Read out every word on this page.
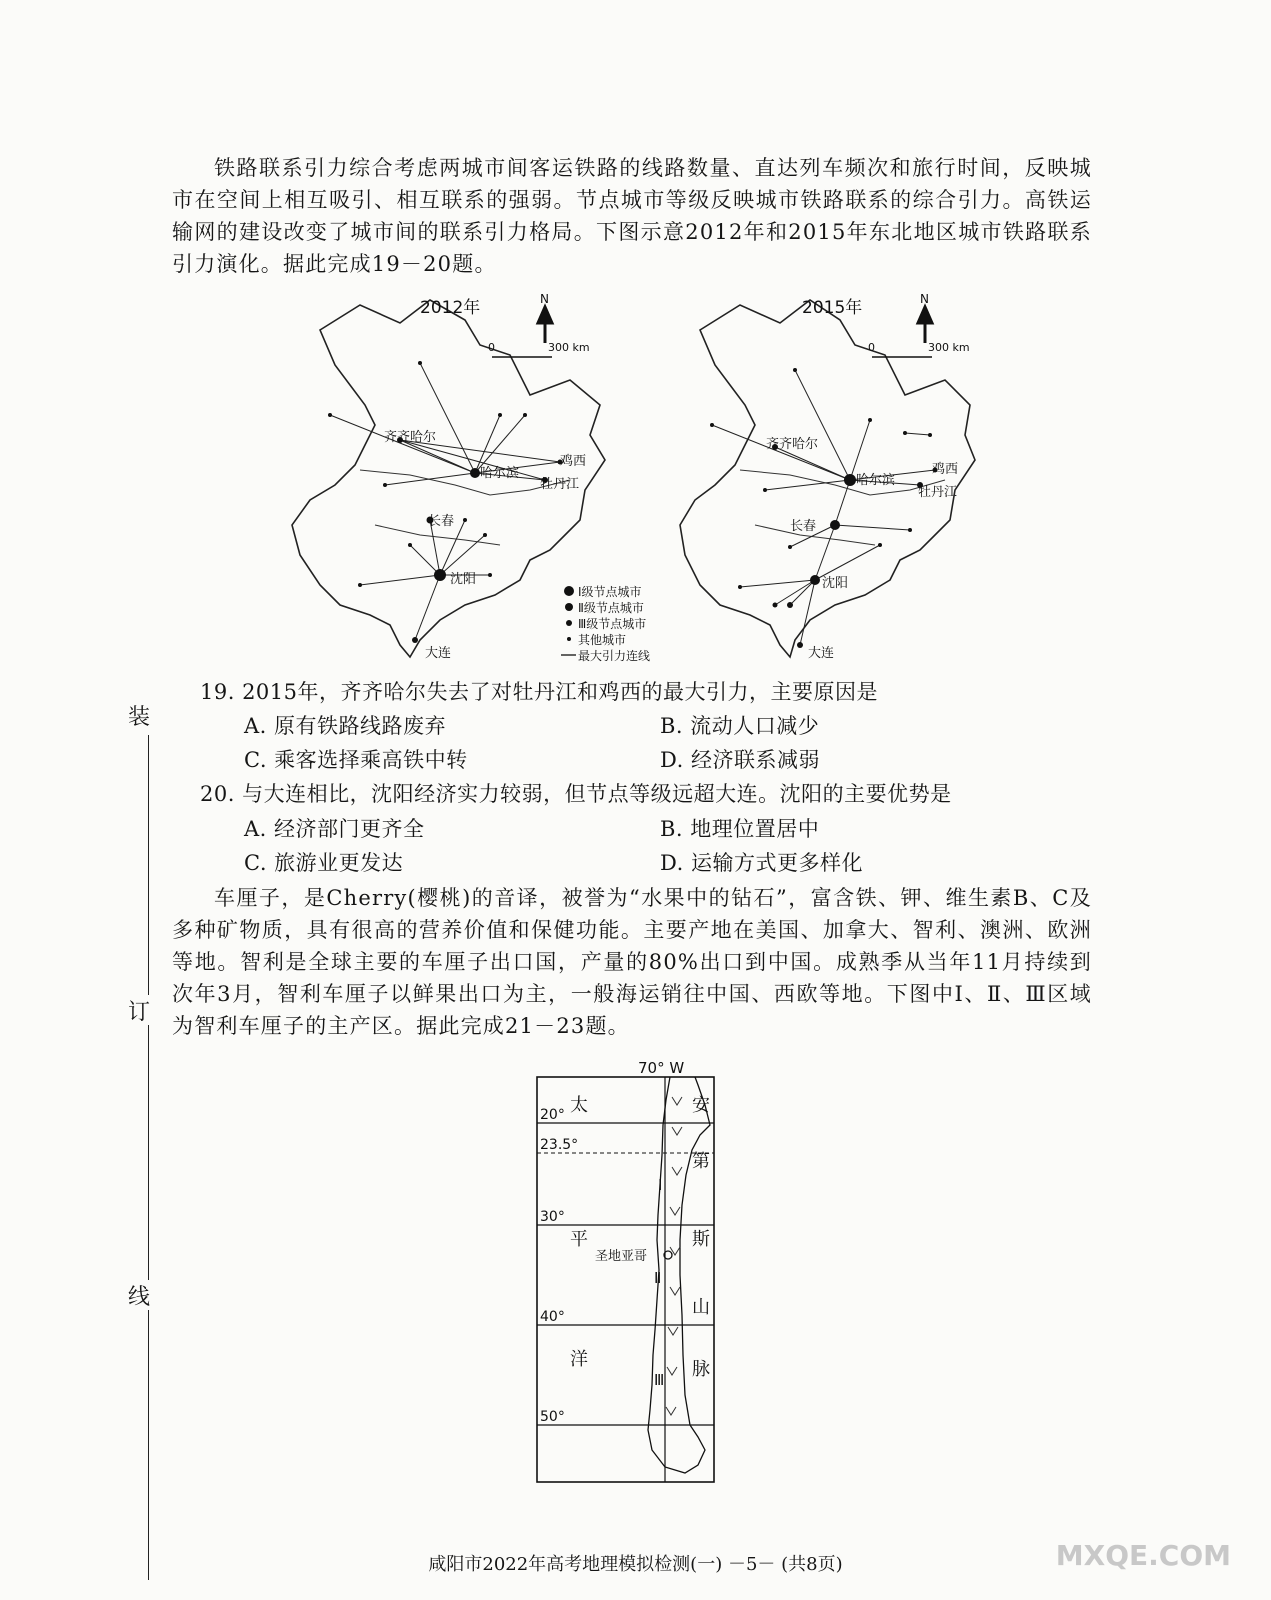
铁路联系引力综合考虑两城市间客运铁路的线路数量、直达列车频次和旅行时间，反映城市在空间上相互吸引、相互联系的强弱。节点城市等级反映城市铁路联系的综合引力。高铁运输网的建设改变了城市间的联系引力格局。下图示意2012年和2015年东北地区城市铁路联系引力演化。据此完成19－20题。
2012年	N
0	300 km
齐齐哈尔
哈尔滨
鸡西
牡丹江
长春
沈阳
大连
Ⅰ级节点城市
Ⅱ级节点城市
Ⅲ级节点城市
其他城市
最大引力连线
2015年	N
0	300 km
齐齐哈尔
哈尔滨
鸡西
牡丹江
长春
沈阳
大连
19. 2015年，齐齐哈尔失去了对牡丹江和鸡西的最大引力，主要原因是
A. 原有铁路线路废弃	B. 流动人口减少
C. 乘客选择乘高铁中转	D. 经济联系减弱
20. 与大连相比，沈阳经济实力较弱，但节点等级远超大连。沈阳的主要优势是
A. 经济部门更齐全	B. 地理位置居中
C. 旅游业更发达	D. 运输方式更多样化
车厘子，是Cherry(樱桃)的音译，被誉为“水果中的钻石”，富含铁、钾、维生素B、C及多种矿物质，具有很高的营养价值和保健功能。主要产地在美国、加拿大、智利、澳洲、欧洲等地。智利是全球主要的车厘子出口国，产量的80%出口到中国。成熟季从当年11月持续到次年3月，智利车厘子以鲜果出口为主，一般海运销往中国、西欧等地。下图中Ⅰ、Ⅱ、Ⅲ区域为智利车厘子的主产区。据此完成21－23题。
70° W
20°
23.5°
30°
40°
50°
太
平
洋
安
第
斯
山
脉
圣地亚哥
Ⅰ
Ⅱ
Ⅲ
装
订
线
咸阳市2022年高考地理模拟检测(一) －5－ (共8页)	MXQE.COM
